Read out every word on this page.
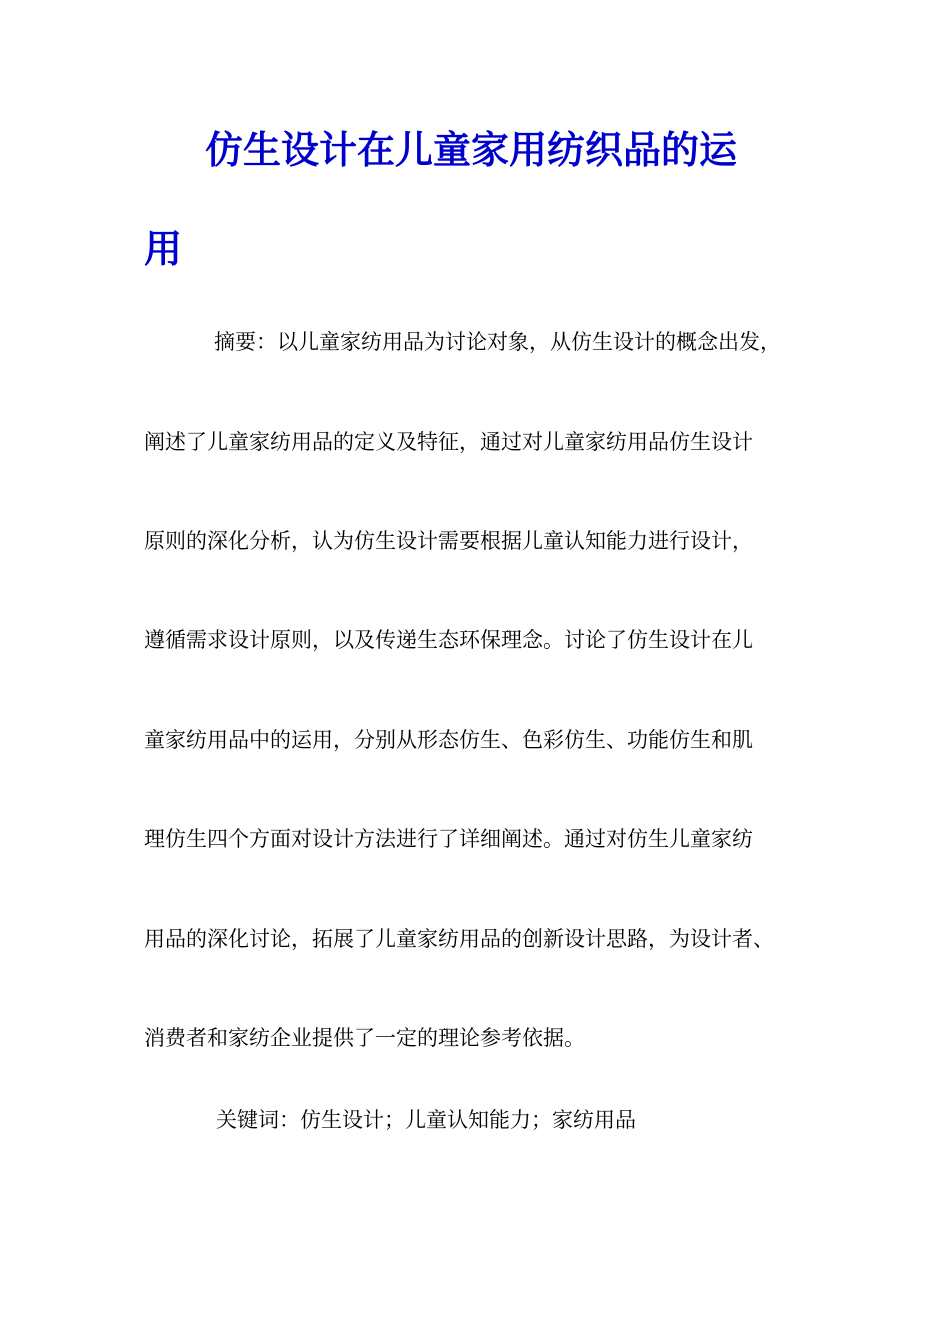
仿生设计在儿童家用纺织品的运
用
摘要：以儿童家纺用品为讨论对象，从仿生设计的概念出发，
阐述了儿童家纺用品的定义及特征，通过对儿童家纺用品仿生设计
原则的深化分析，认为仿生设计需要根据儿童认知能力进行设计，
遵循需求设计原则，以及传递生态环保理念。讨论了仿生设计在儿
童家纺用品中的运用，分别从形态仿生、色彩仿生、功能仿生和肌
理仿生四个方面对设计方法进行了详细阐述。通过对仿生儿童家纺
用品的深化讨论，拓展了儿童家纺用品的创新设计思路，为设计者、
消费者和家纺企业提供了一定的理论参考依据。
关键词：仿生设计；儿童认知能力；家纺用品
